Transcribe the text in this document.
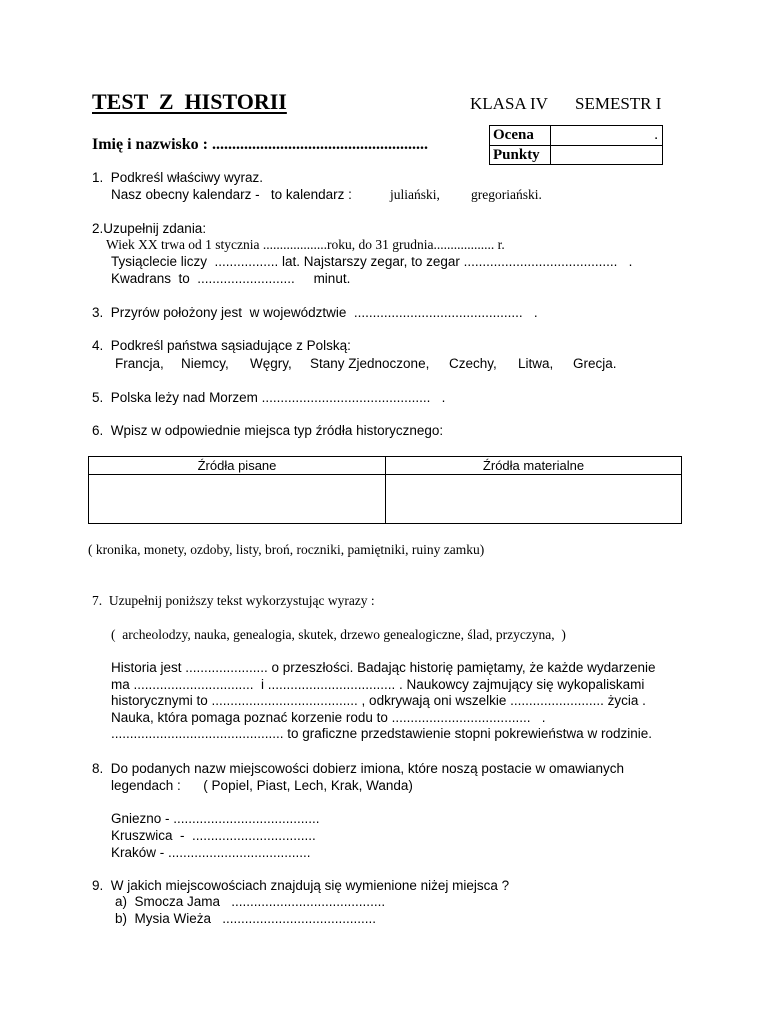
TEST  Z  HISTORII	KLASA IV SEMESTR I
Imię i nazwisko : ......................................................
Ocena	.
Punkty
1.  Podkreśl właściwy wyraz.
Nasz obecny kalendarz -   to kalendarz :	juliański, gregoriański.
2.Uzupełnij zdania:
Wiek XX trwa od 1 stycznia ...................roku, do 31 grudnia.................. r.
Tysiąclecie liczy  ................. lat. Najstarszy zegar, to zegar .........................................   .
Kwadrans  to  ..........................     minut.
3.  Przyrów położony jest  w województwie  .............................................   .
4.  Podkreśl państwa sąsiadujące z Polską:
Francja, Niemcy, Węgry, Stany Zjednoczone, Czechy, Litwa, Grecja.
5.  Polska leży nad Morzem .............................................   .
6.  Wpisz w odpowiednie miejsca typ źródła historycznego:
Źródła pisane	Źródła materialne
( kronika, monety, ozdoby, listy, broń, roczniki, pamiętniki, ruiny zamku)
7.  Uzupełnij poniższy tekst wykorzystując wyrazy :
(  archeolodzy, nauka, genealogia, skutek, drzewo genealogiczne, ślad, przyczyna,  )
Historia jest ...................... o przeszłości. Badając historię pamiętamy, że każde wydarzenie
ma ................................  i .................................. . Naukowcy zajmujący się wykopaliskami
historycznymi to ....................................... , odkrywają oni wszelkie ......................... życia .
Nauka, która pomaga poznać korzenie rodu to .....................................   .
.............................................. to graficzne przedstawienie stopni pokrewieństwa w rodzinie.
8.  Do podanych nazw miejscowości dobierz imiona, które noszą postacie w omawianych
legendach :      ( Popiel, Piast, Lech, Krak, Wanda)
Gniezno - .......................................
Kruszwica  -  .................................
Kraków - ......................................
9.  W jakich miejscowościach znajdują się wymienione niżej miejsca ?
a)  Smocza Jama   .........................................
b)  Mysia Wieża   .........................................
